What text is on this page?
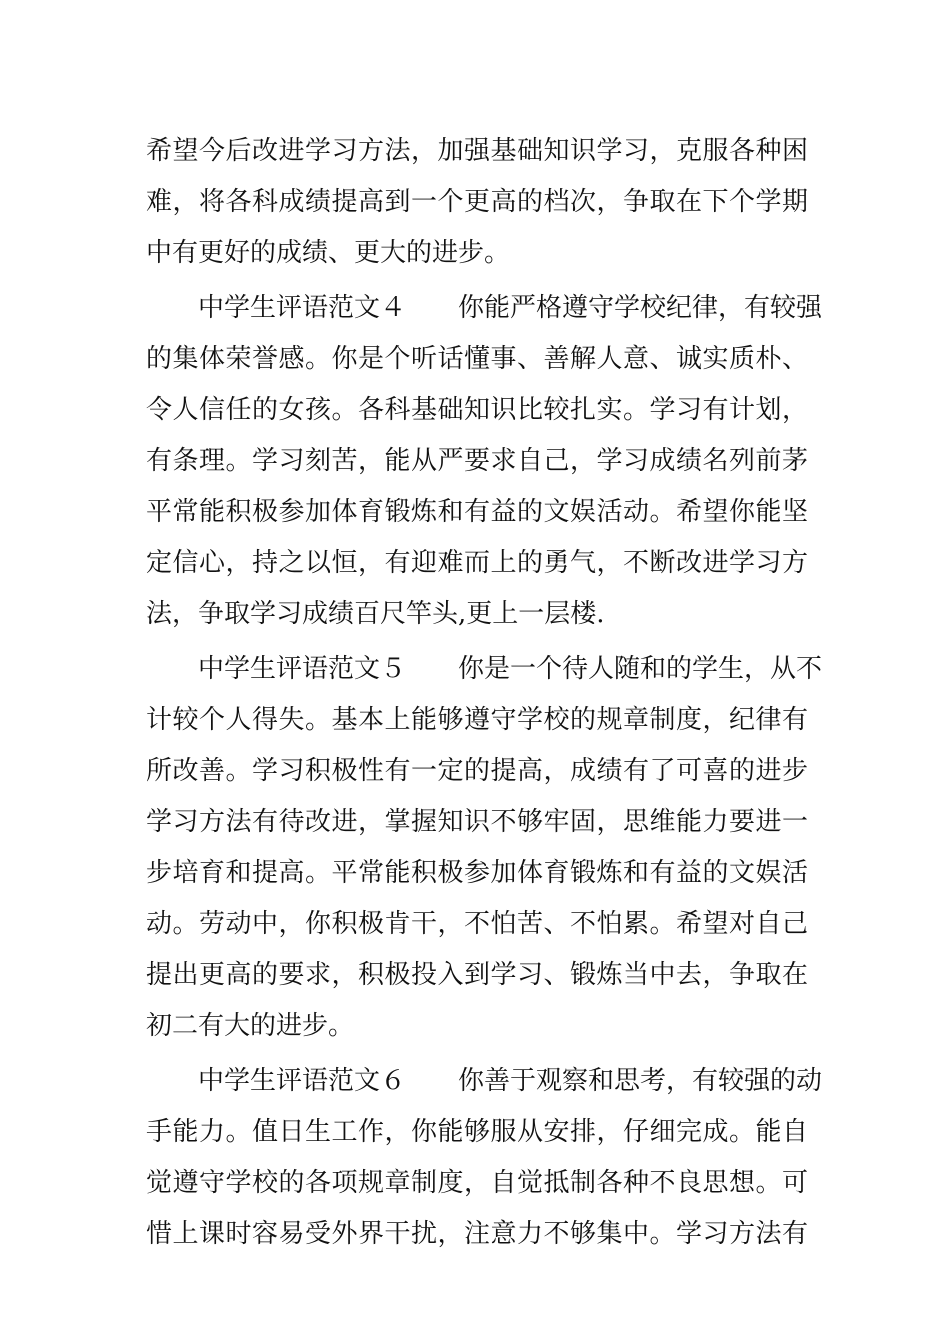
希望今后改进学习方法，加强基础知识学习，克服各种困
难，将各科成绩提高到一个更高的档次，争取在下个学期
中有更好的成绩、更大的进步。
中学生评语范文４ 你能严格遵守学校纪律，有较强
的集体荣誉感。你是个听话懂事、善解人意、诚实质朴、
令人信任的女孩。各科基础知识比较扎实。学习有计划，
有条理。学习刻苦，能从严要求自己，学习成绩名列前茅
平常能积极参加体育锻炼和有益的文娱活动。希望你能坚
定信心，持之以恒，有迎难而上的勇气，不断改进学习方
法，争取学习成绩百尺竿头,更上一层楼.
中学生评语范文５ 你是一个待人随和的学生，从不
计较个人得失。基本上能够遵守学校的规章制度，纪律有
所改善。学习积极性有一定的提高，成绩有了可喜的进步
学习方法有待改进，掌握知识不够牢固，思维能力要进一
步培育和提高。平常能积极参加体育锻炼和有益的文娱活
动。劳动中，你积极肯干，不怕苦、不怕累。希望对自己
提出更高的要求，积极投入到学习、锻炼当中去，争取在
初二有大的进步。
中学生评语范文６ 你善于观察和思考，有较强的动
手能力。值日生工作，你能够服从安排，仔细完成。能自
觉遵守学校的各项规章制度，自觉抵制各种不良思想。可
惜上课时容易受外界干扰，注意力不够集中。学习方法有
